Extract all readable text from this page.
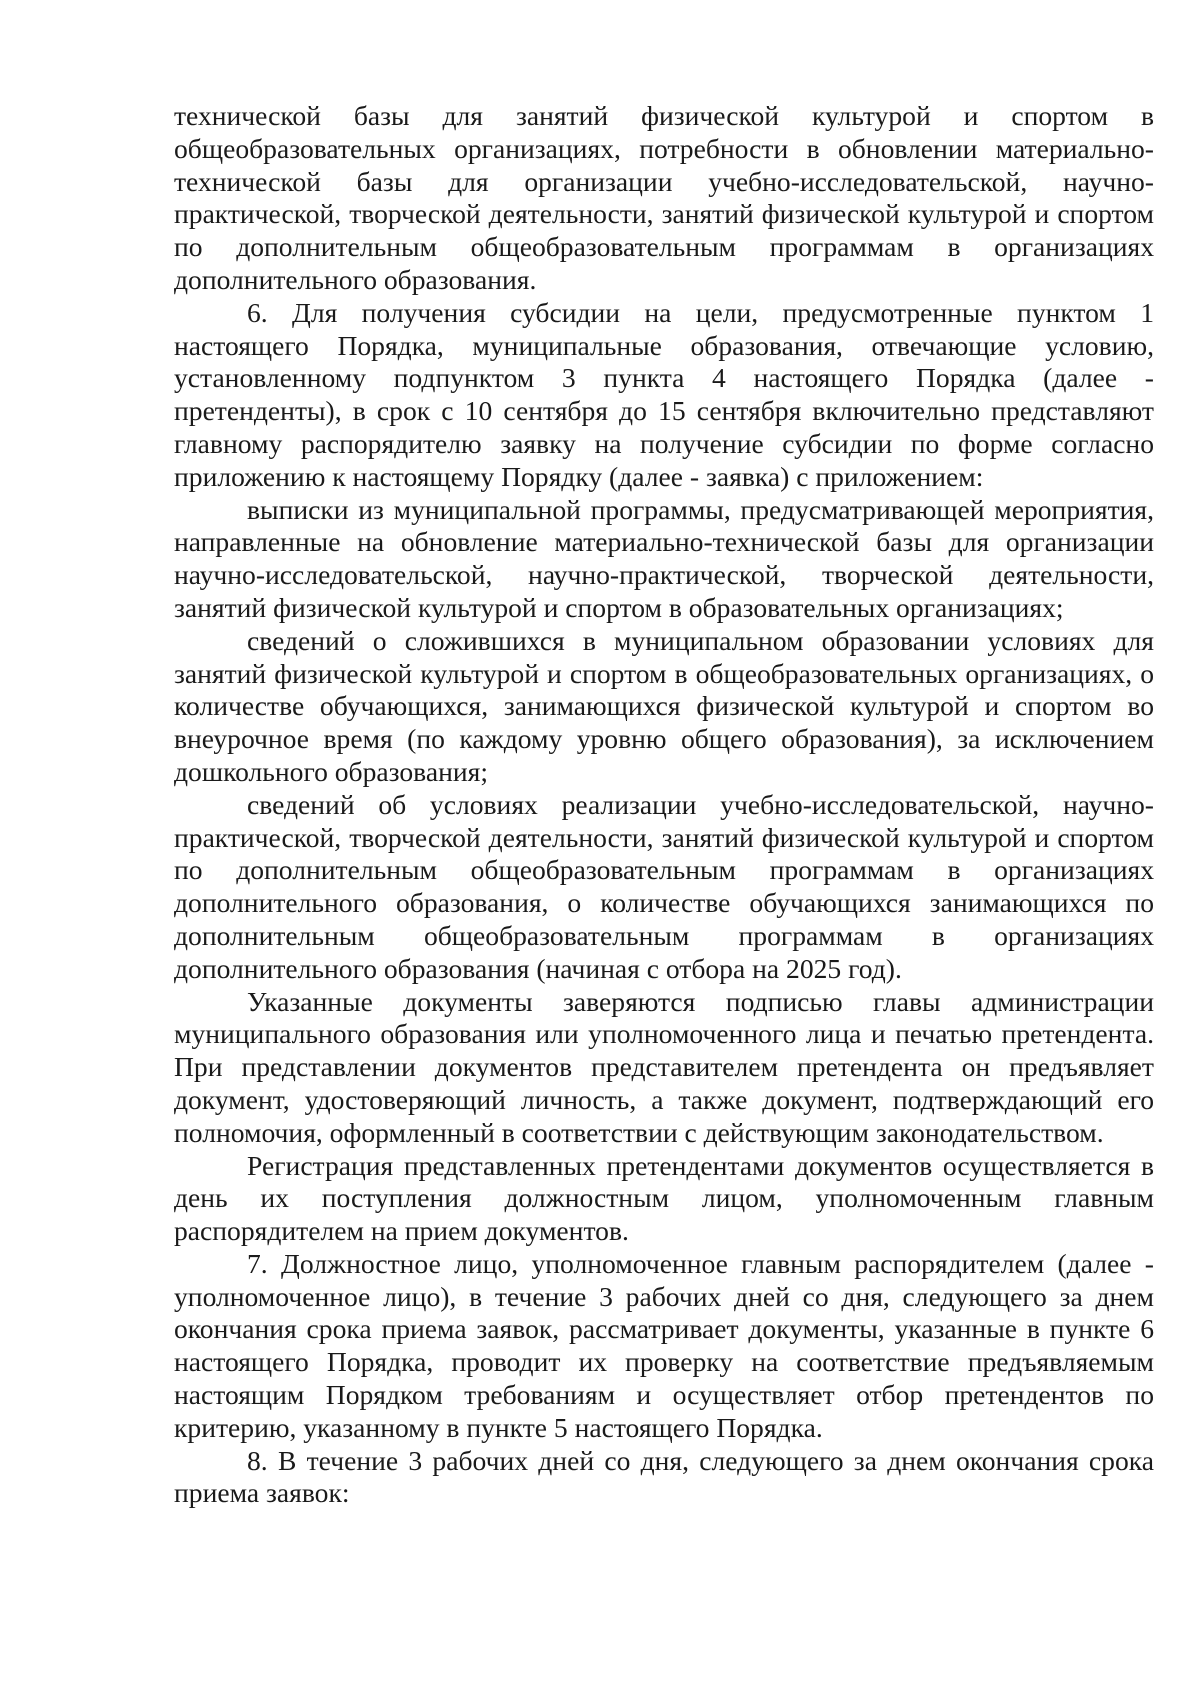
технической базы для занятий физической культурой и спортом в общеобразовательных организациях, потребности в обновлении материально-технической базы для организации учебно-исследовательской, научно-практической, творческой деятельности, занятий физической культурой и спортом по дополнительным общеобразовательным программам в организациях дополнительного образования.

6. Для получения субсидии на цели, предусмотренные пунктом 1 настоящего Порядка, муниципальные образования, отвечающие условию, установленному подпунктом 3 пункта 4 настоящего Порядка (далее - претенденты), в срок с 10 сентября до 15 сентября включительно представляют главному распорядителю заявку на получение субсидии по форме согласно приложению к настоящему Порядку (далее - заявка) с приложением:

выписки из муниципальной программы, предусматривающей мероприятия, направленные на обновление материально-технической базы для организации научно-исследовательской, научно-практической, творческой деятельности, занятий физической культурой и спортом в образовательных организациях;

сведений о сложившихся в муниципальном образовании условиях для занятий физической культурой и спортом в общеобразовательных организациях, о количестве обучающихся, занимающихся физической культурой и спортом во внеурочное время (по каждому уровню общего образования), за исключением дошкольного образования;

сведений об условиях реализации учебно-исследовательской, научно-практической, творческой деятельности, занятий физической культурой и спортом по дополнительным общеобразовательным программам в организациях дополнительного образования, о количестве обучающихся занимающихся по дополнительным общеобразовательным программам в организациях дополнительного образования (начиная с отбора на 2025 год).

Указанные документы заверяются подписью главы администрации муниципального образования или уполномоченного лица и печатью претендента. При представлении документов представителем претендента он предъявляет документ, удостоверяющий личность, а также документ, подтверждающий его полномочия, оформленный в соответствии с действующим законодательством.

Регистрация представленных претендентами документов осуществляется в день их поступления должностным лицом, уполномоченным главным распорядителем на прием документов.

7. Должностное лицо, уполномоченное главным распорядителем (далее - уполномоченное лицо), в течение 3 рабочих дней со дня, следующего за днем окончания срока приема заявок, рассматривает документы, указанные в пункте 6 настоящего Порядка, проводит их проверку на соответствие предъявляемым настоящим Порядком требованиям и осуществляет отбор претендентов по критерию, указанному в пункте 5 настоящего Порядка.

8. В течение 3 рабочих дней со дня, следующего за днем окончания срока приема заявок:
